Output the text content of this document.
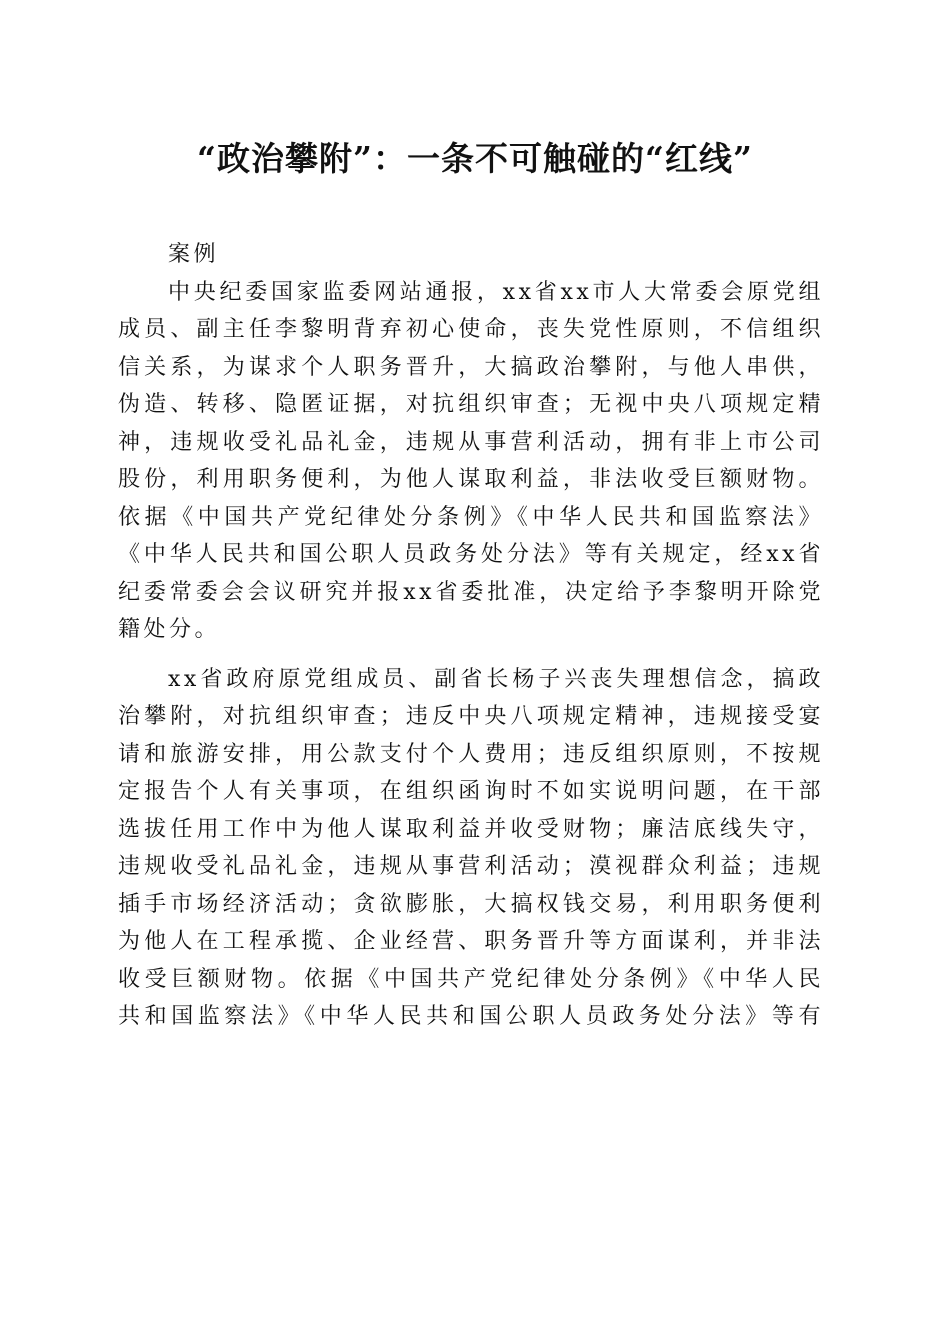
“政治攀附”：一条不可触碰的“红线”
案例
中央纪委国家监委网站通报，xx省xx市人大常委会原党组
成员、副主任李黎明背弃初心使命，丧失党性原则，不信组织
信关系，为谋求个人职务晋升，大搞政治攀附，与他人串供，
伪造、转移、隐匿证据，对抗组织审查；无视中央八项规定精
神，违规收受礼品礼金，违规从事营利活动，拥有非上市公司
股份，利用职务便利，为他人谋取利益，非法收受巨额财物。
依据《中国共产党纪律处分条例》《中华人民共和国监察法》
《中华人民共和国公职人员政务处分法》等有关规定，经xx省
纪委常委会会议研究并报xx省委批准，决定给予李黎明开除党
籍处分。
xx省政府原党组成员、副省长杨子兴丧失理想信念，搞政
治攀附，对抗组织审查；违反中央八项规定精神，违规接受宴
请和旅游安排，用公款支付个人费用；违反组织原则，不按规
定报告个人有关事项，在组织函询时不如实说明问题，在干部
选拔任用工作中为他人谋取利益并收受财物；廉洁底线失守，
违规收受礼品礼金，违规从事营利活动；漠视群众利益；违规
插手市场经济活动；贪欲膨胀，大搞权钱交易，利用职务便利
为他人在工程承揽、企业经营、职务晋升等方面谋利，并非法
收受巨额财物。依据《中国共产党纪律处分条例》《中华人民
共和国监察法》《中华人民共和国公职人员政务处分法》等有
